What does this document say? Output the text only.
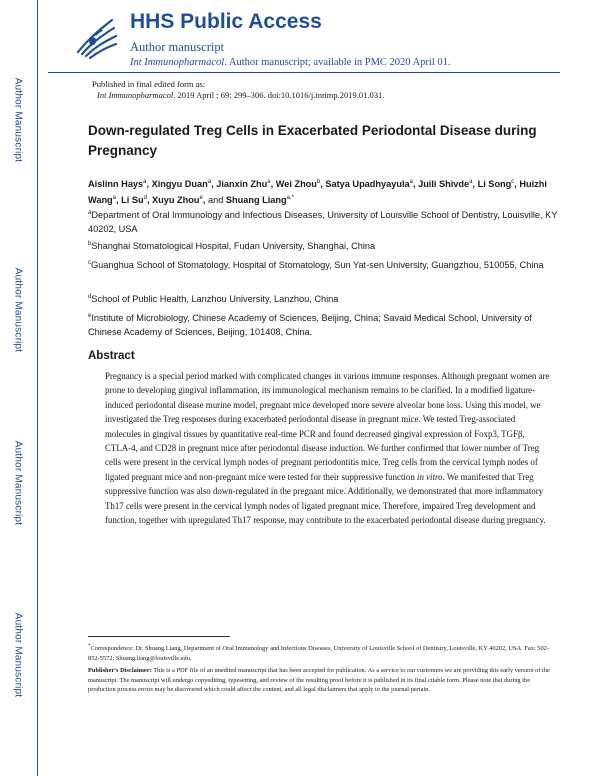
Author Manuscript
Author Manuscript
Author Manuscript
Author Manuscript
HHS Public Access
Author manuscript
Int Immunopharmacol. Author manuscript; available in PMC 2020 April 01.
Published in final edited form as:
Int Immunopharmacol. 2019 April ; 69: 299–306. doi:10.1016/j.intimp.2019.01.031.
Down-regulated Treg Cells in Exacerbated Periodontal Disease during Pregnancy
Aislinn Hays$^a$, Xingyu Duan$^a$, Jianxin Zhu$^a$, Wei Zhou$^b$, Satya Upadhyayula$^a$, Juili Shivde$^a$, Li Song$^c$, Huizhi Wang$^a$, Li Su$^d$, Xuyu Zhou$^e$, and Shuang Liang$^{a,*}$
$^a$Department of Oral Immunology and Infectious Diseases, University of Louisville School of Dentistry, Louisville, KY 40202, USA
$^b$Shanghai Stomatological Hospital, Fudan University, Shanghai, China
$^c$Guanghua School of Stomatology, Hospital of Stomatology, Sun Yat-sen University, Guangzhou, 510055, China
$^d$School of Public Health, Lanzhou University, Lanzhou, China
$^e$Institute of Microbiology, Chinese Academy of Sciences, Beijing, China; Savaid Medical School, University of Chinese Academy of Sciences, Beijing, 101408, China.
Abstract
Pregnancy is a special period marked with complicated changes in various immune responses. Although pregnant women are prone to developing gingival inflammation, its immunological mechanism remains to be clarified. In a modified ligature-induced periodontal disease murine model, pregnant mice developed more severe alveolar bone loss. Using this model, we investigated the Treg responses during exacerbated periodontal disease in pregnant mice. We tested Treg-associated molecules in gingival tissues by quantitative real-time PCR and found decreased gingival expression of Foxp3, TGFβ, CTLA-4, and CD28 in pregnant mice after periodontal disease induction. We further confirmed that lower number of Treg cells were present in the cervical lymph nodes of pregnant periodontitis mice. Treg cells from the cervical lymph nodes of ligated pregnant mice and non-pregnant mice were tested for their suppressive function in vitro. We manifested that Treg suppressive function was also down-regulated in the pregnant mice. Additionally, we demonstrated that more inflammatory Th17 cells were present in the cervical lymph nodes of ligated pregnant mice. Therefore, impaired Treg development and function, together with upregulated Th17 response, may contribute to the exacerbated periodontal disease during pregnancy.
*Correspondence: Dr. Shuang Liang, Department of Oral Immunology and Infectious Diseases, University of Louisville School of Dentistry, Louisville, KY 40202, USA. Fax: 502-852-5572; Shuang.liang@louisville.edu.
Publisher's Disclaimer: This is a PDF file of an unedited manuscript that has been accepted for publication. As a service to our customers we are providing this early version of the manuscript. The manuscript will undergo copyediting, typesetting, and review of the resulting proof before it is published in its final citable form. Please note that during the production process errors may be discovered which could affect the content, and all legal disclaimers that apply to the journal pertain.
